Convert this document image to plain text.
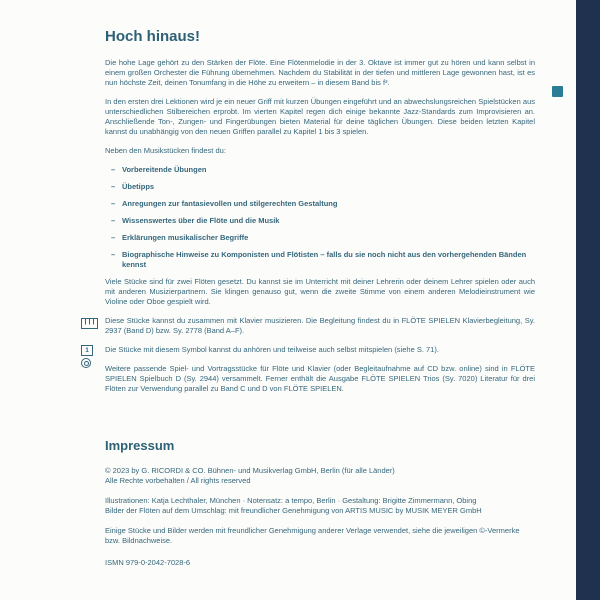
Hoch hinaus!

Die hohe Lage gehört zu den Stärken der Flöte. Eine Flötenmelodie in der 3. Oktave ist immer gut zu hören und kann selbst in einem großen Orchester die Führung übernehmen. Nachdem du Stabilität in der tiefen und mittleren Lage gewonnen hast, ist es nun höchste Zeit, deinen Tonumfang in die Höhe zu erweitern – in diesem Band bis f³.

In den ersten drei Lektionen wird je ein neuer Griff mit kurzen Übungen eingeführt und an abwechslungsreichen Spielstücken aus unterschiedlichen Stilbereichen erprobt. Im vierten Kapitel regen dich einige bekannte Jazz-Standards zum Improvisieren an. Anschließende Ton-, Zungen- und Fingerübungen bieten Material für deine täglichen Übungen. Diese beiden letzten Kapitel kannst du unabhängig von den neuen Griffen parallel zu Kapitel 1 bis 3 spielen.

Neben den Musikstücken findest du:

– Vorbereitende Übungen
– Übetipps
– Anregungen zur fantasievollen und stilgerechten Gestaltung
– Wissenswertes über die Flöte und die Musik
– Erklärungen musikalischer Begriffe
– Biographische Hinweise zu Komponisten und Flötisten – falls du sie noch nicht aus den vorhergehenden Bänden kennst

Viele Stücke sind für zwei Flöten gesetzt. Du kannst sie im Unterricht mit deiner Lehrerin oder deinem Lehrer spielen oder auch mit anderen Musizierpartnern. Sie klingen genauso gut, wenn die zweite Stimme von einem anderen Melodieinstrument wie Violine oder Oboe gespielt wird.

Diese Stücke kannst du zusammen mit Klavier musizieren. Die Begleitung findest du in FLÖTE SPIELEN Klavierbegleitung, Sy. 2937 (Band D) bzw. Sy. 2778 (Band A–F).

1	Die Stücke mit diesem Symbol kannst du anhören und teilweise auch selbst mitspielen (siehe S. 71).

Weitere passende Spiel- und Vortragsstücke für Flöte und Klavier (oder Begleitaufnahme auf CD bzw. online) sind in FLÖTE SPIELEN Spielbuch D (Sy. 2944) versammelt. Ferner enthält die Ausgabe FLÖTE SPIELEN Trios (Sy. 7020) Literatur für drei Flöten zur Verwendung parallel zu Band C und D von FLÖTE SPIELEN.

Impressum

© 2023 by G. RICORDI & CO. Bühnen- und Musikverlag GmbH, Berlin (für alle Länder)

Alle Rechte vorbehalten / All rights reserved

Illustrationen: Katja Lechthaler, München · Notensatz: a tempo, Berlin · Gestaltung: Brigitte Zimmermann, Obing

Bilder der Flöten auf dem Umschlag: mit freundlicher Genehmigung von ARTIS MUSIC by MUSIK MEYER GmbH

Einige Stücke und Bilder werden mit freundlicher Genehmigung anderer Verlage verwendet, siehe die jeweiligen ©-Vermerke bzw. Bildnachweise.

ISMN 979-0-2042-7028-6
